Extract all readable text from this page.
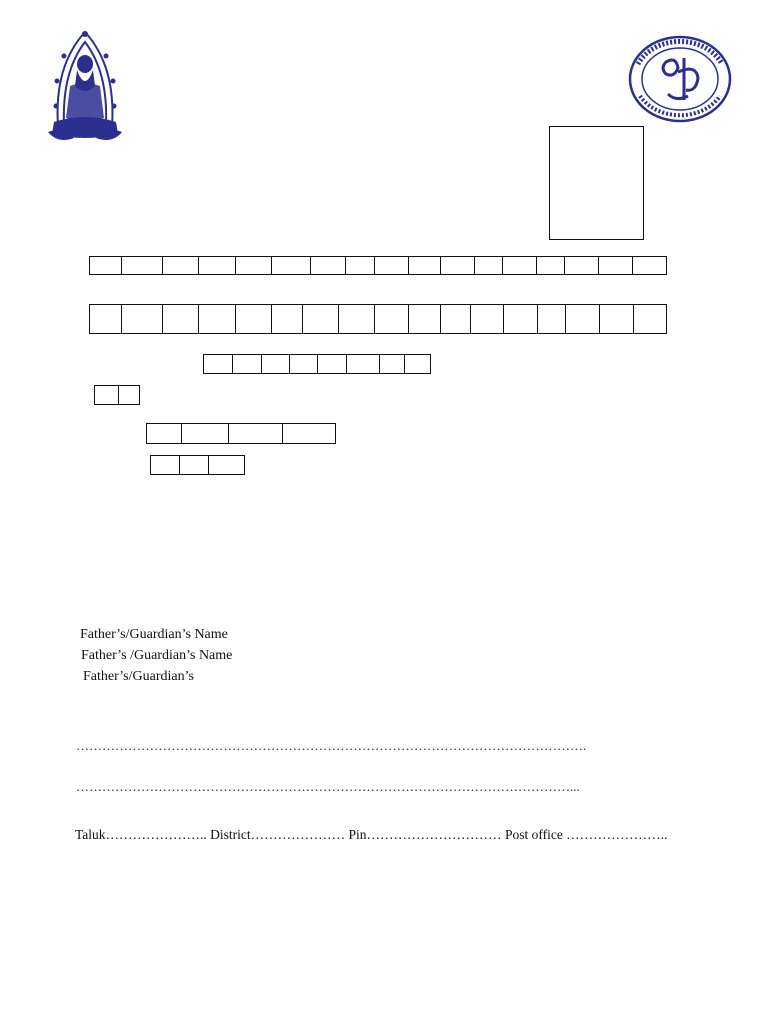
Father’s/Guardian’s Name
Father’s /Guardian’s Name
Father’s/Guardian’s
……………………………………………………………………………………………………….
……………………………………………………………………………………………………...
Taluk………………….. District………………… Pin………………………… Post office …………………..
